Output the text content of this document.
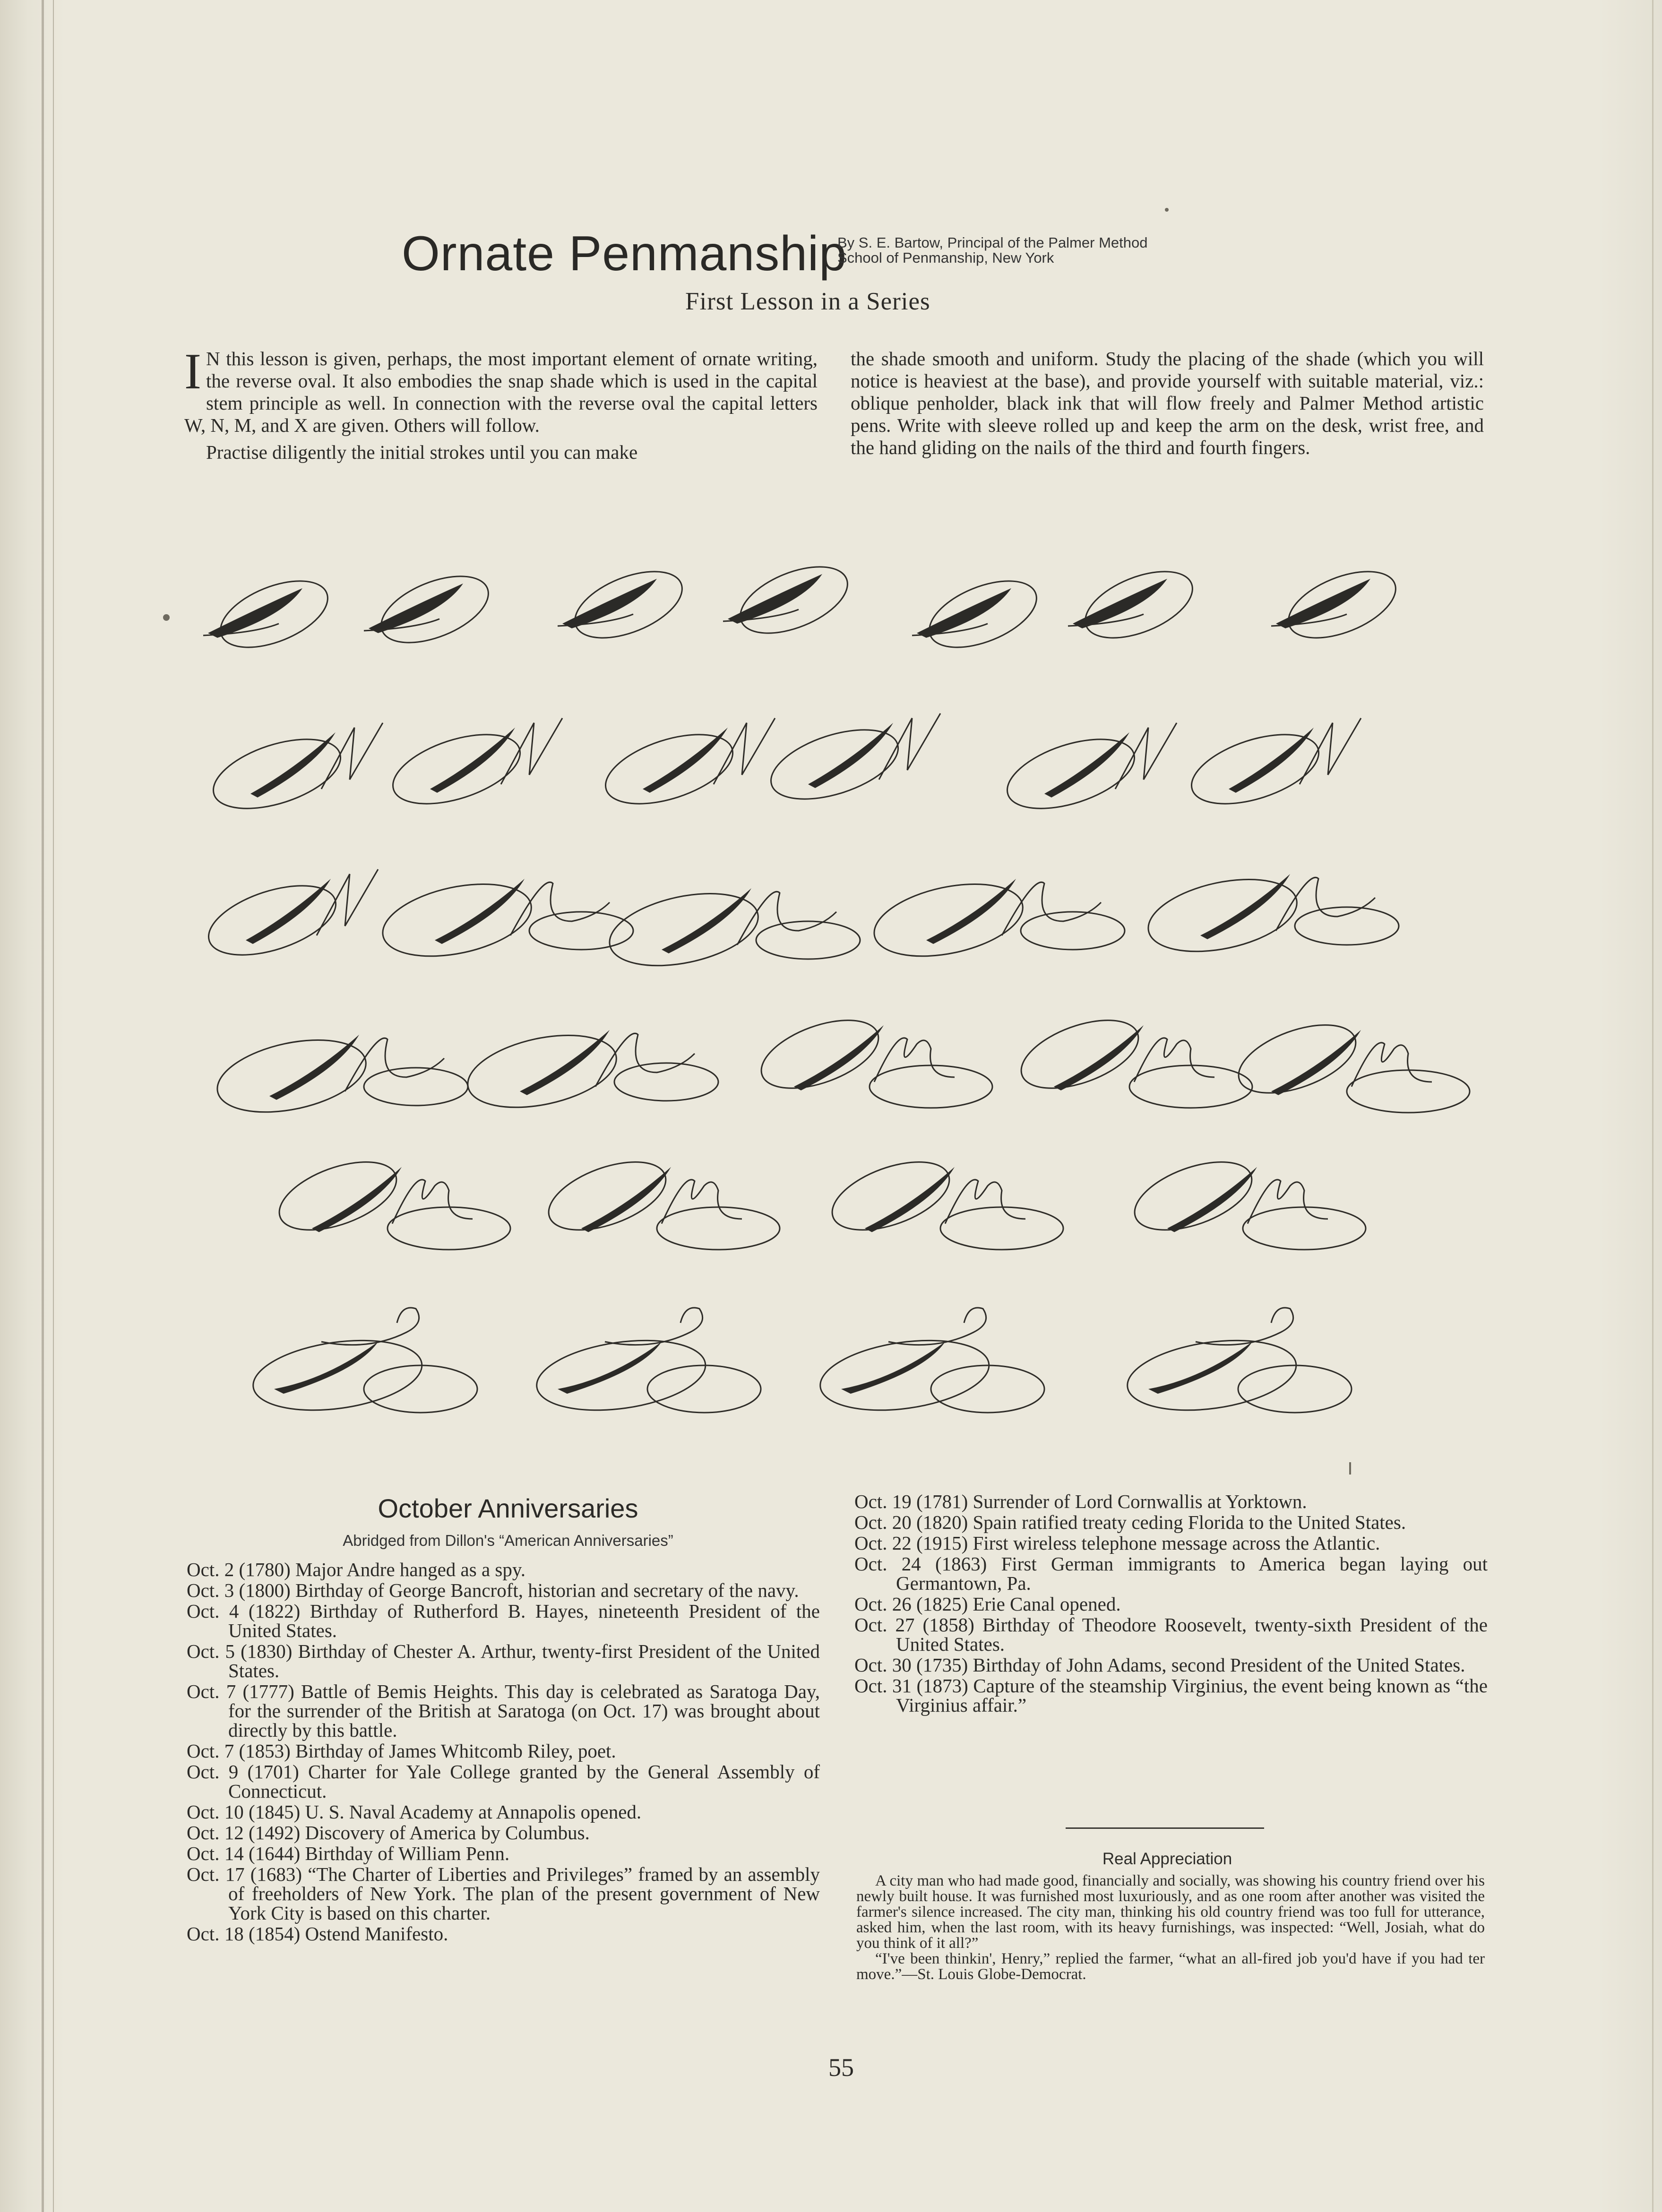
Ornate Penmanship
By S. E. Bartow, Principal of the Palmer Method
School of Penmanship, New York
First Lesson in a Series

I N this lesson is given, perhaps, the most important element of ornate writing, the reverse oval. It also embodies the snap shade which is used in the capital stem principle as well. In connection with the reverse oval the capital letters W, N, M, and X are given. Others will follow.

Practise diligently the initial strokes until you can make

the shade smooth and uniform. Study the placing of the shade (which you will notice is heaviest at the base), and provide yourself with suitable material, viz.: oblique penholder, black ink that will flow freely and Palmer Method artistic pens. Write with sleeve rolled up and keep the arm on the desk, wrist free, and the hand gliding on the nails of the third and fourth fingers.

October Anniversaries
Abridged from Dillon's “American Anniversaries”

Oct. 2 (1780) Major Andre hanged as a spy.

Oct. 3 (1800) Birthday of George Bancroft, historian and secretary of the navy.

Oct. 4 (1822) Birthday of Rutherford B. Hayes, nineteenth President of the United States.

Oct. 5 (1830) Birthday of Chester A. Arthur, twenty-first President of the United States.

Oct. 7 (1777) Battle of Bemis Heights. This day is celebrated as Saratoga Day, for the surrender of the British at Saratoga (on Oct. 17) was brought about directly by this battle.

Oct. 7 (1853) Birthday of James Whitcomb Riley, poet.

Oct. 9 (1701) Charter for Yale College granted by the General Assembly of Connecticut.

Oct. 10 (1845) U. S. Naval Academy at Annapolis opened.

Oct. 12 (1492) Discovery of America by Columbus.

Oct. 14 (1644) Birthday of William Penn.

Oct. 17 (1683) “The Charter of Liberties and Privileges” framed by an assembly of freeholders of New York. The plan of the present government of New York City is based on this charter.

Oct. 18 (1854) Ostend Manifesto.

Oct. 19 (1781) Surrender of Lord Cornwallis at Yorktown.

Oct. 20 (1820) Spain ratified treaty ceding Florida to the United States.

Oct. 22 (1915) First wireless telephone message across the Atlantic.

Oct. 24 (1863) First German immigrants to America began laying out Germantown, Pa.

Oct. 26 (1825) Erie Canal opened.

Oct. 27 (1858) Birthday of Theodore Roosevelt, twenty-sixth President of the United States.

Oct. 30 (1735) Birthday of John Adams, second President of the United States.

Oct. 31 (1873) Capture of the steamship Virginius, the event being known as “the Virginius affair.”

Real Appreciation

A city man who had made good, financially and socially, was showing his country friend over his newly built house. It was furnished most luxuriously, and as one room after another was visited the farmer's silence increased. The city man, thinking his old country friend was too full for utterance, asked him, when the last room, with its heavy furnishings, was inspected: “Well, Josiah, what do you think of it all?”

“I've been thinkin', Henry,” replied the farmer, “what an all-fired job you'd have if you had ter move.”—St. Louis Globe-Democrat.

55
